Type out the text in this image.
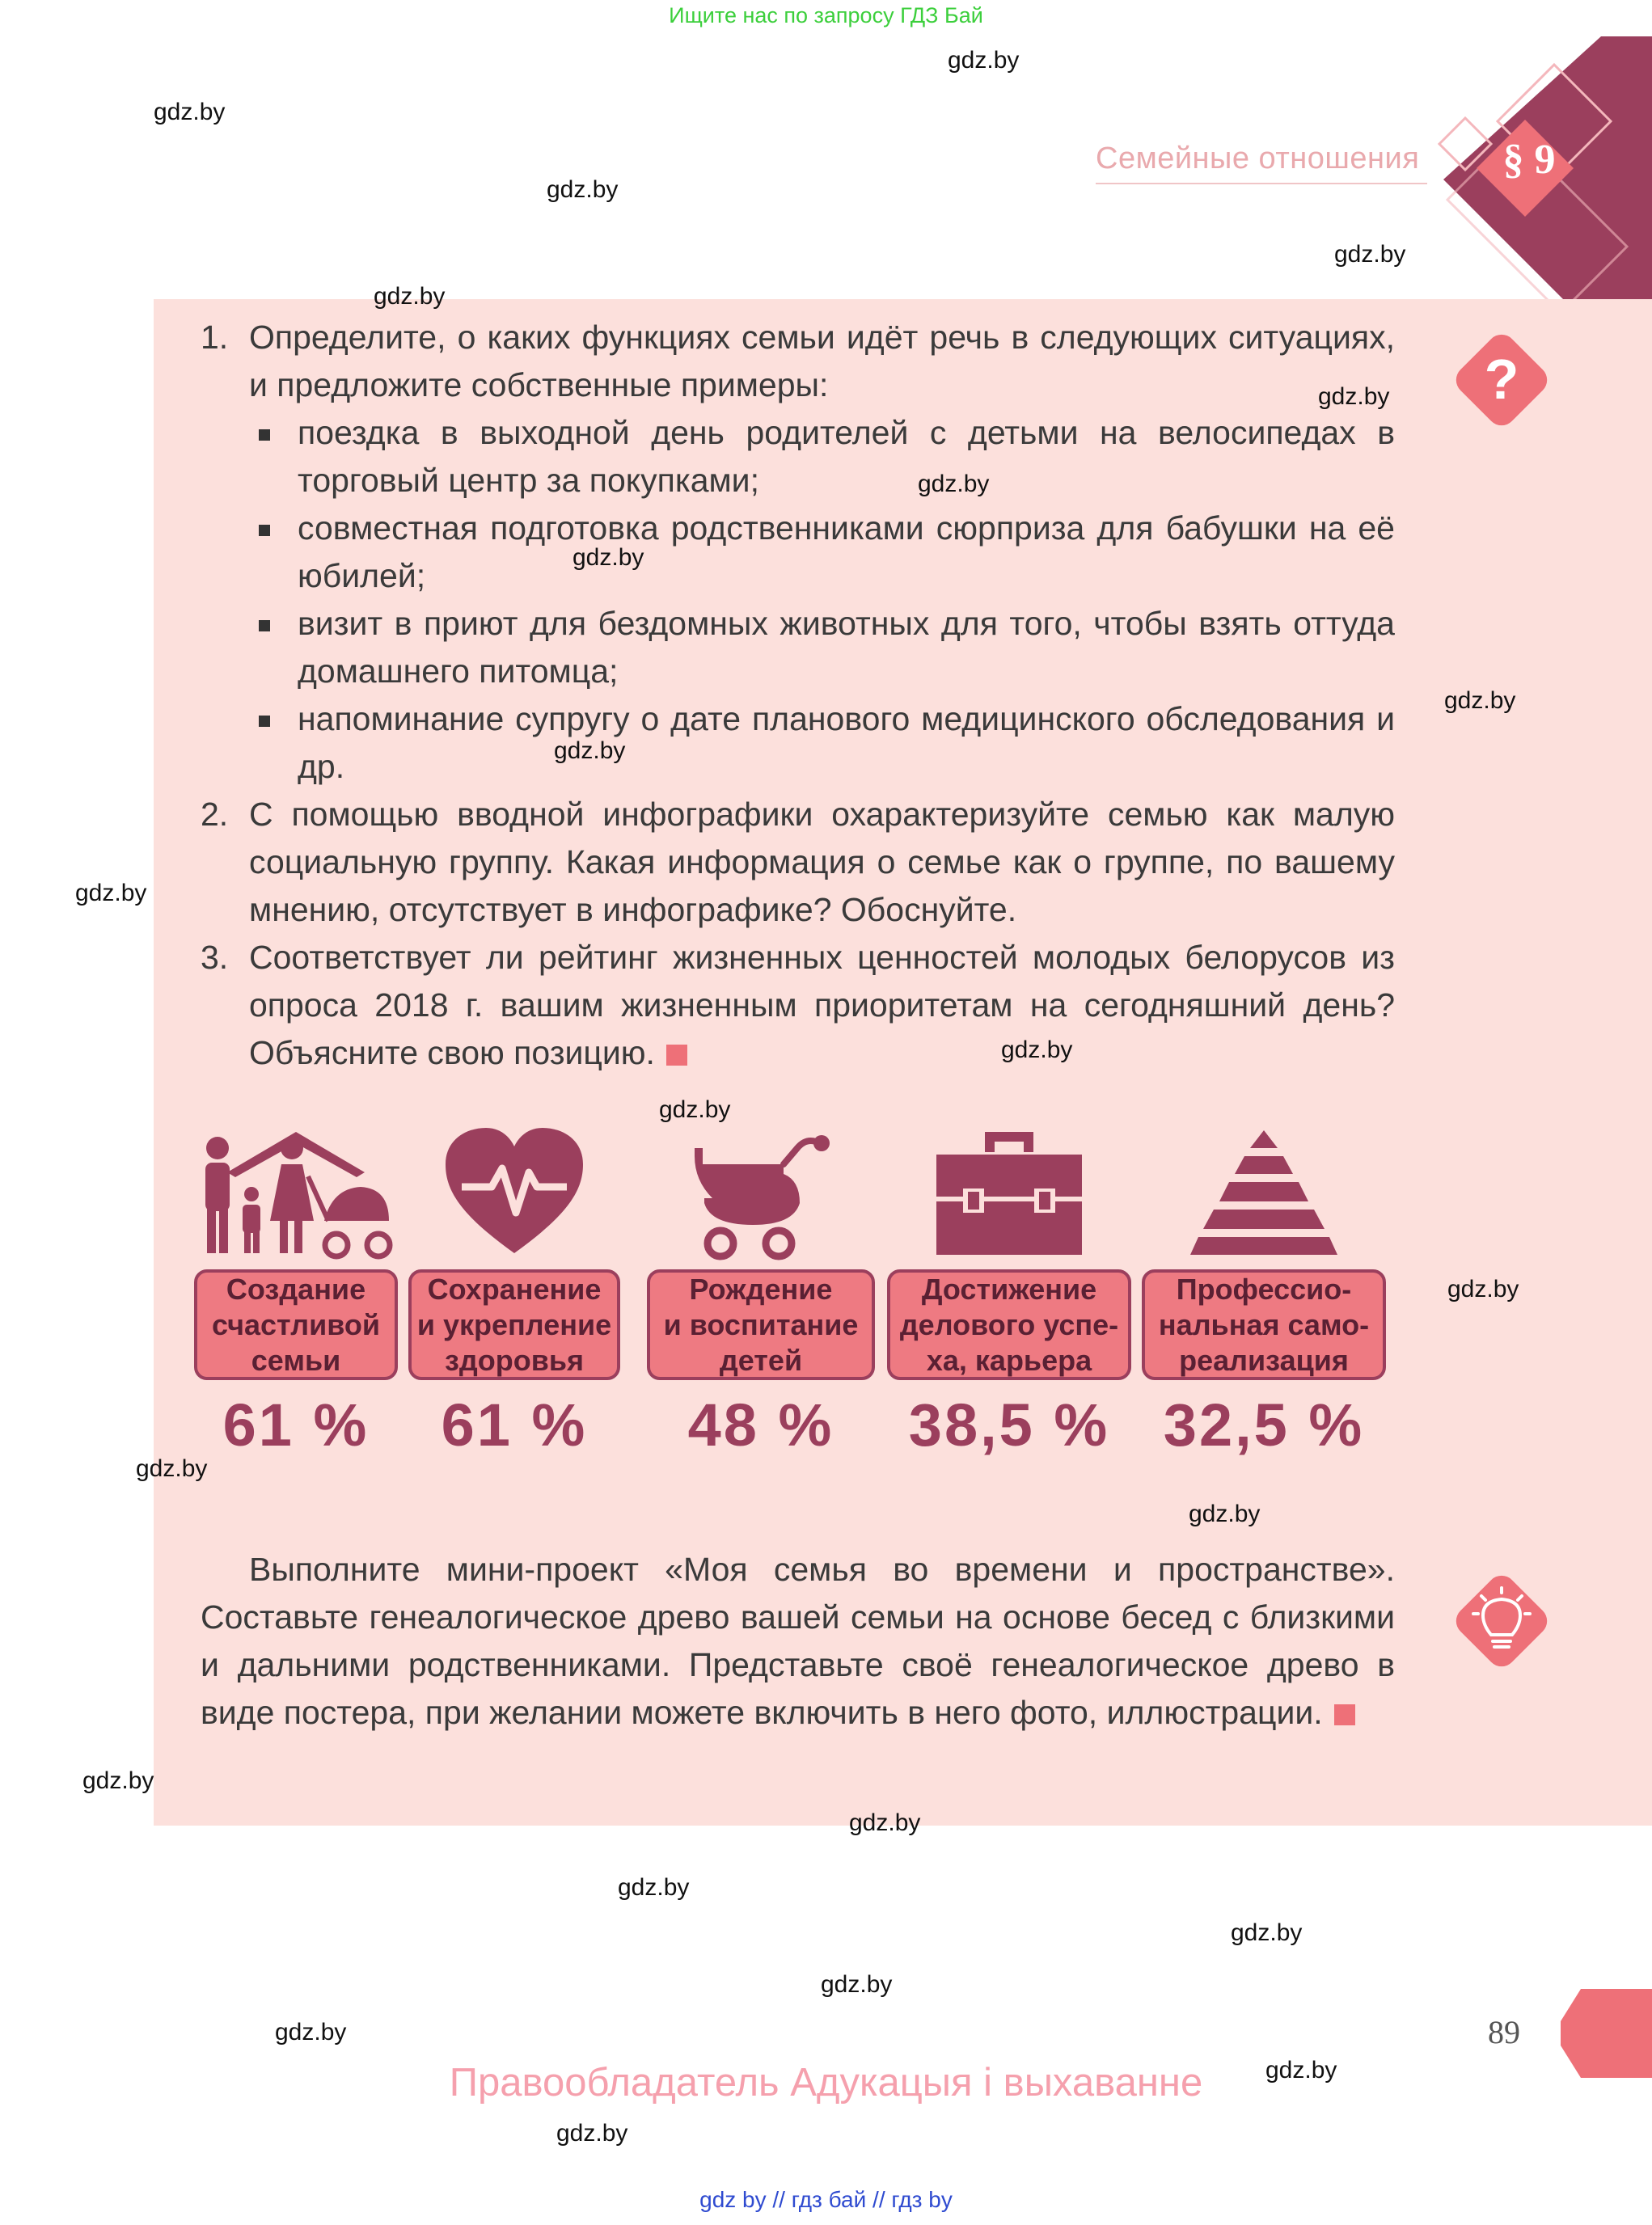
Ищите нас по запросу ГДЗ Бай
§ 9
Семейные отношения
?
1. Определите, о каких функциях семьи идёт речь в следующих ситуациях, и предложите собственные примеры:
поездка в выходной день родителей с детьми на велосипедах в торговый центр за покупками;
совместная подготовка родственниками сюрприза для бабушки на её юбилей;
визит в приют для бездомных животных для того, чтобы взять оттуда домашнего питомца;
напоминание супругу о дате планового медицинского обследования и др.
2. С помощью вводной инфографики охарактеризуйте семью как малую социальную группу. Какая информация о семье как о группе, по вашему мнению, отсутствует в инфографике? Обоснуйте.
3. Соответствует ли рейтинг жизненных ценностей молодых белорусов из опроса 2018 г. вашим жизненным приоритетам на сегодняшний день? Объясните свою позицию.
Создание
счастливой
семьи
61 %
Сохранение
и укрепление
здоровья
61 %
Рождение
и воспитание
детей
48 %
Достижение
делового успе-
ха, карьера
38,5 %
Профессио-
нальная само-
реализация
32,5 %
Выполните мини-проект «Моя семья во времени и пространстве». Составьте генеалогическое древо вашей семьи на основе бесед с близкими и дальними родственниками. Представьте своё генеалогическое древо в виде постера, при желании можете включить в него фото, иллюстрации.
89
Правообладатель Адукацыя і выхаванне
gdz by // гдз бай // гдз by
gdz.by
gdz.by
gdz.by
gdz.by
gdz.by
gdz.by
gdz.by
gdz.by
gdz.by
gdz.by
gdz.by
gdz.by
gdz.by
gdz.by
gdz.by
gdz.by
gdz.by
gdz.by
gdz.by
gdz.by
gdz.by
gdz.by
gdz.by
gdz.by
